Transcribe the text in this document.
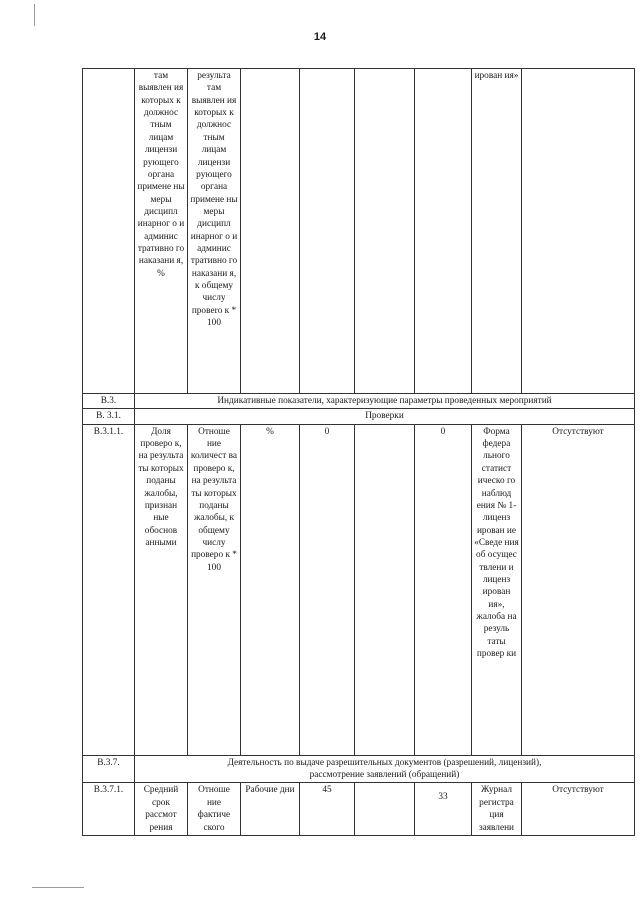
14
	там выявлен ия которых к должнос тным лицам лицензи рующего органа примене ны меры дисципл инарног о и админис тративно го наказани я, %	результа там выявлен ия которых к должнос тным лицам лицензи рующего органа примене ны меры дисципл инарног о и админис тративно го наказани я, к общему числу провero к * 100					ирован ия»	
В.3.	Индикативные показатели, характеризующие параметры проведенных мероприятий							
В. 3.1.	Проверки							
В.3.1.1.	Доля проверо к, на результа ты которых поданы жалобы, признан ные обоснов анными	Отноше ние количест ва проверо к, на результа ты которых поданы жалобы, к общему числу проверо к * 100	%	0		0	Форма федера льного статист ическо го наблюд ения № 1- лиценз ирован ие «Сведе ния об осущес твлени и лиценз ирован ия», жалоба на резуль таты провер ки	Отсутствуют
В.3.7.	Деятельность по выдаче разрешительных документов (разрешений, лицензий),
рассмотрение заявлений (обращений)							

В.3.7.1.	Средний срок рассмот рения	Отноше ние фактиче ского	Рабочие дни	45		33	Журнал регистра ция заявлени	Отсутствуют
